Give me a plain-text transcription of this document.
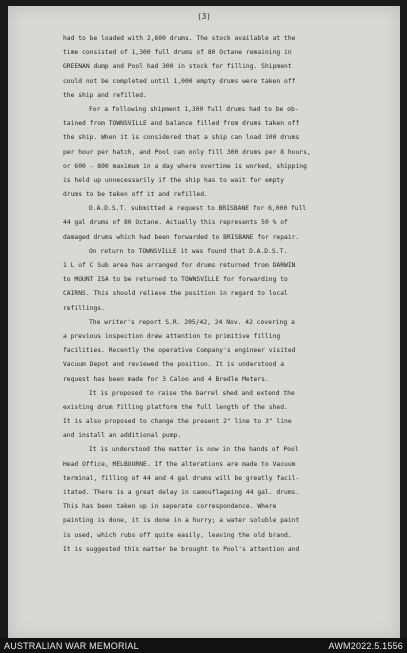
(3)
had to be loaded with 2,600 drums. The stock available at the
time consisted of 1,300 full drums of 80 Octane remaining in
GREENAN dump and Pool had 300 in stock for filling. Shipment
could not be completed until 1,000 empty drums were taken off
the ship and refilled.
For a following shipment 1,300 full drums had to be ob-
tained from TOWNSVILLE and balance filled from drums taken off
the ship. When it is considered that a ship can load 100 drums
per hour per hatch, and Pool can only fill 300 drums per 8 hours,
or 600 - 800 maximum in a day where overtime is worked, shipping
is held up unnecessarily if the ship has to wait for empty
drums to be taken off it and refilled.
D.A.D.S.T. submitted a request to BRISBANE for 6,000 full
44 gal drums of 80 Octane. Actually this represents 50 % of
damaged drums which had been forwarded to BRISBANE for repair.
On return to TOWNSVILLE it was found that D.A.D.S.T.
1 L of C Sub area has arranged for drums returned from DARWIN
to MOUNT ISA to be returned to TOWNSVILLE for forwarding to
CAIRNS. This should relieve the position in regard to local
refillings.
The writer's report S.R. 205/42, 24 Nov. 42 covering a
a previous inspection drew attention to primitive filling
facilities. Recently the operative Company's engineer visited
Vacuum Depot and reviewed the position. It is understood a
request has been made for 3 Caloo and 4 Bredle Meters.
It is proposed to raise the barrel shed and extend the
existing drum filling platform the full length of the shed.
It is also proposed to change the present 2" line to 3" line
and install an additional pump.
It is understood the matter is now in the hands of Pool
Head Office, MELBOURNE. If the alterations are made to Vacuum
terminal, filling of 44 and 4 gal drums will be greatly facil-
itated. There is a great delay in camouflageing 44 gal. drums.
This has been taken up in seperate correspondence. Where
painting is done, it is done in a hurry; a water soluble paint
is used, which rubs off quite easily, leaving the old brand.
It is suggested this matter be brought to Pool's attention and
AUSTRALIAN WAR MEMORIAL	AWM2022.5.1556
